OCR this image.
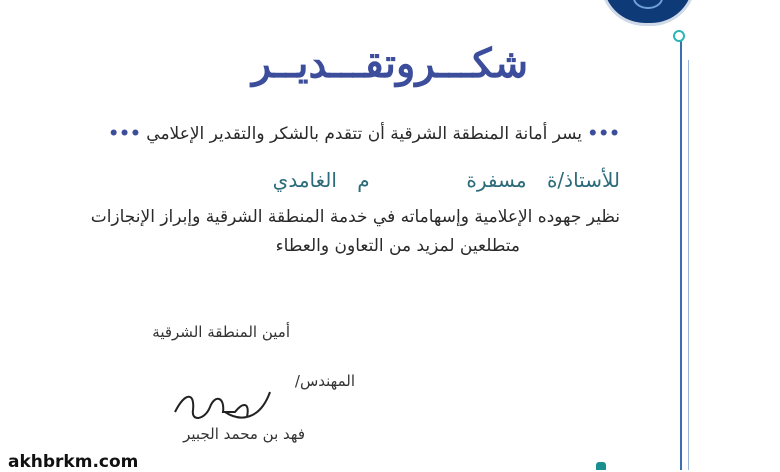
شكـــروتقـــديــر
••• يسر أمانة المنطقة الشرقية أن تتقدم بالشكر والتقدير الإعلامي •••
للأستاذ/ة مسفرة  م الغامدي
نظير جهوده الإعلامية وإسهاماته في خدمة المنطقة الشرقية وإبراز الإنجازات
متطلعين لمزيد من التعاون والعطاء
أمين المنطقة الشرقية
المهندس/
فهد بن محمد الجبير
akhbrkm.com
